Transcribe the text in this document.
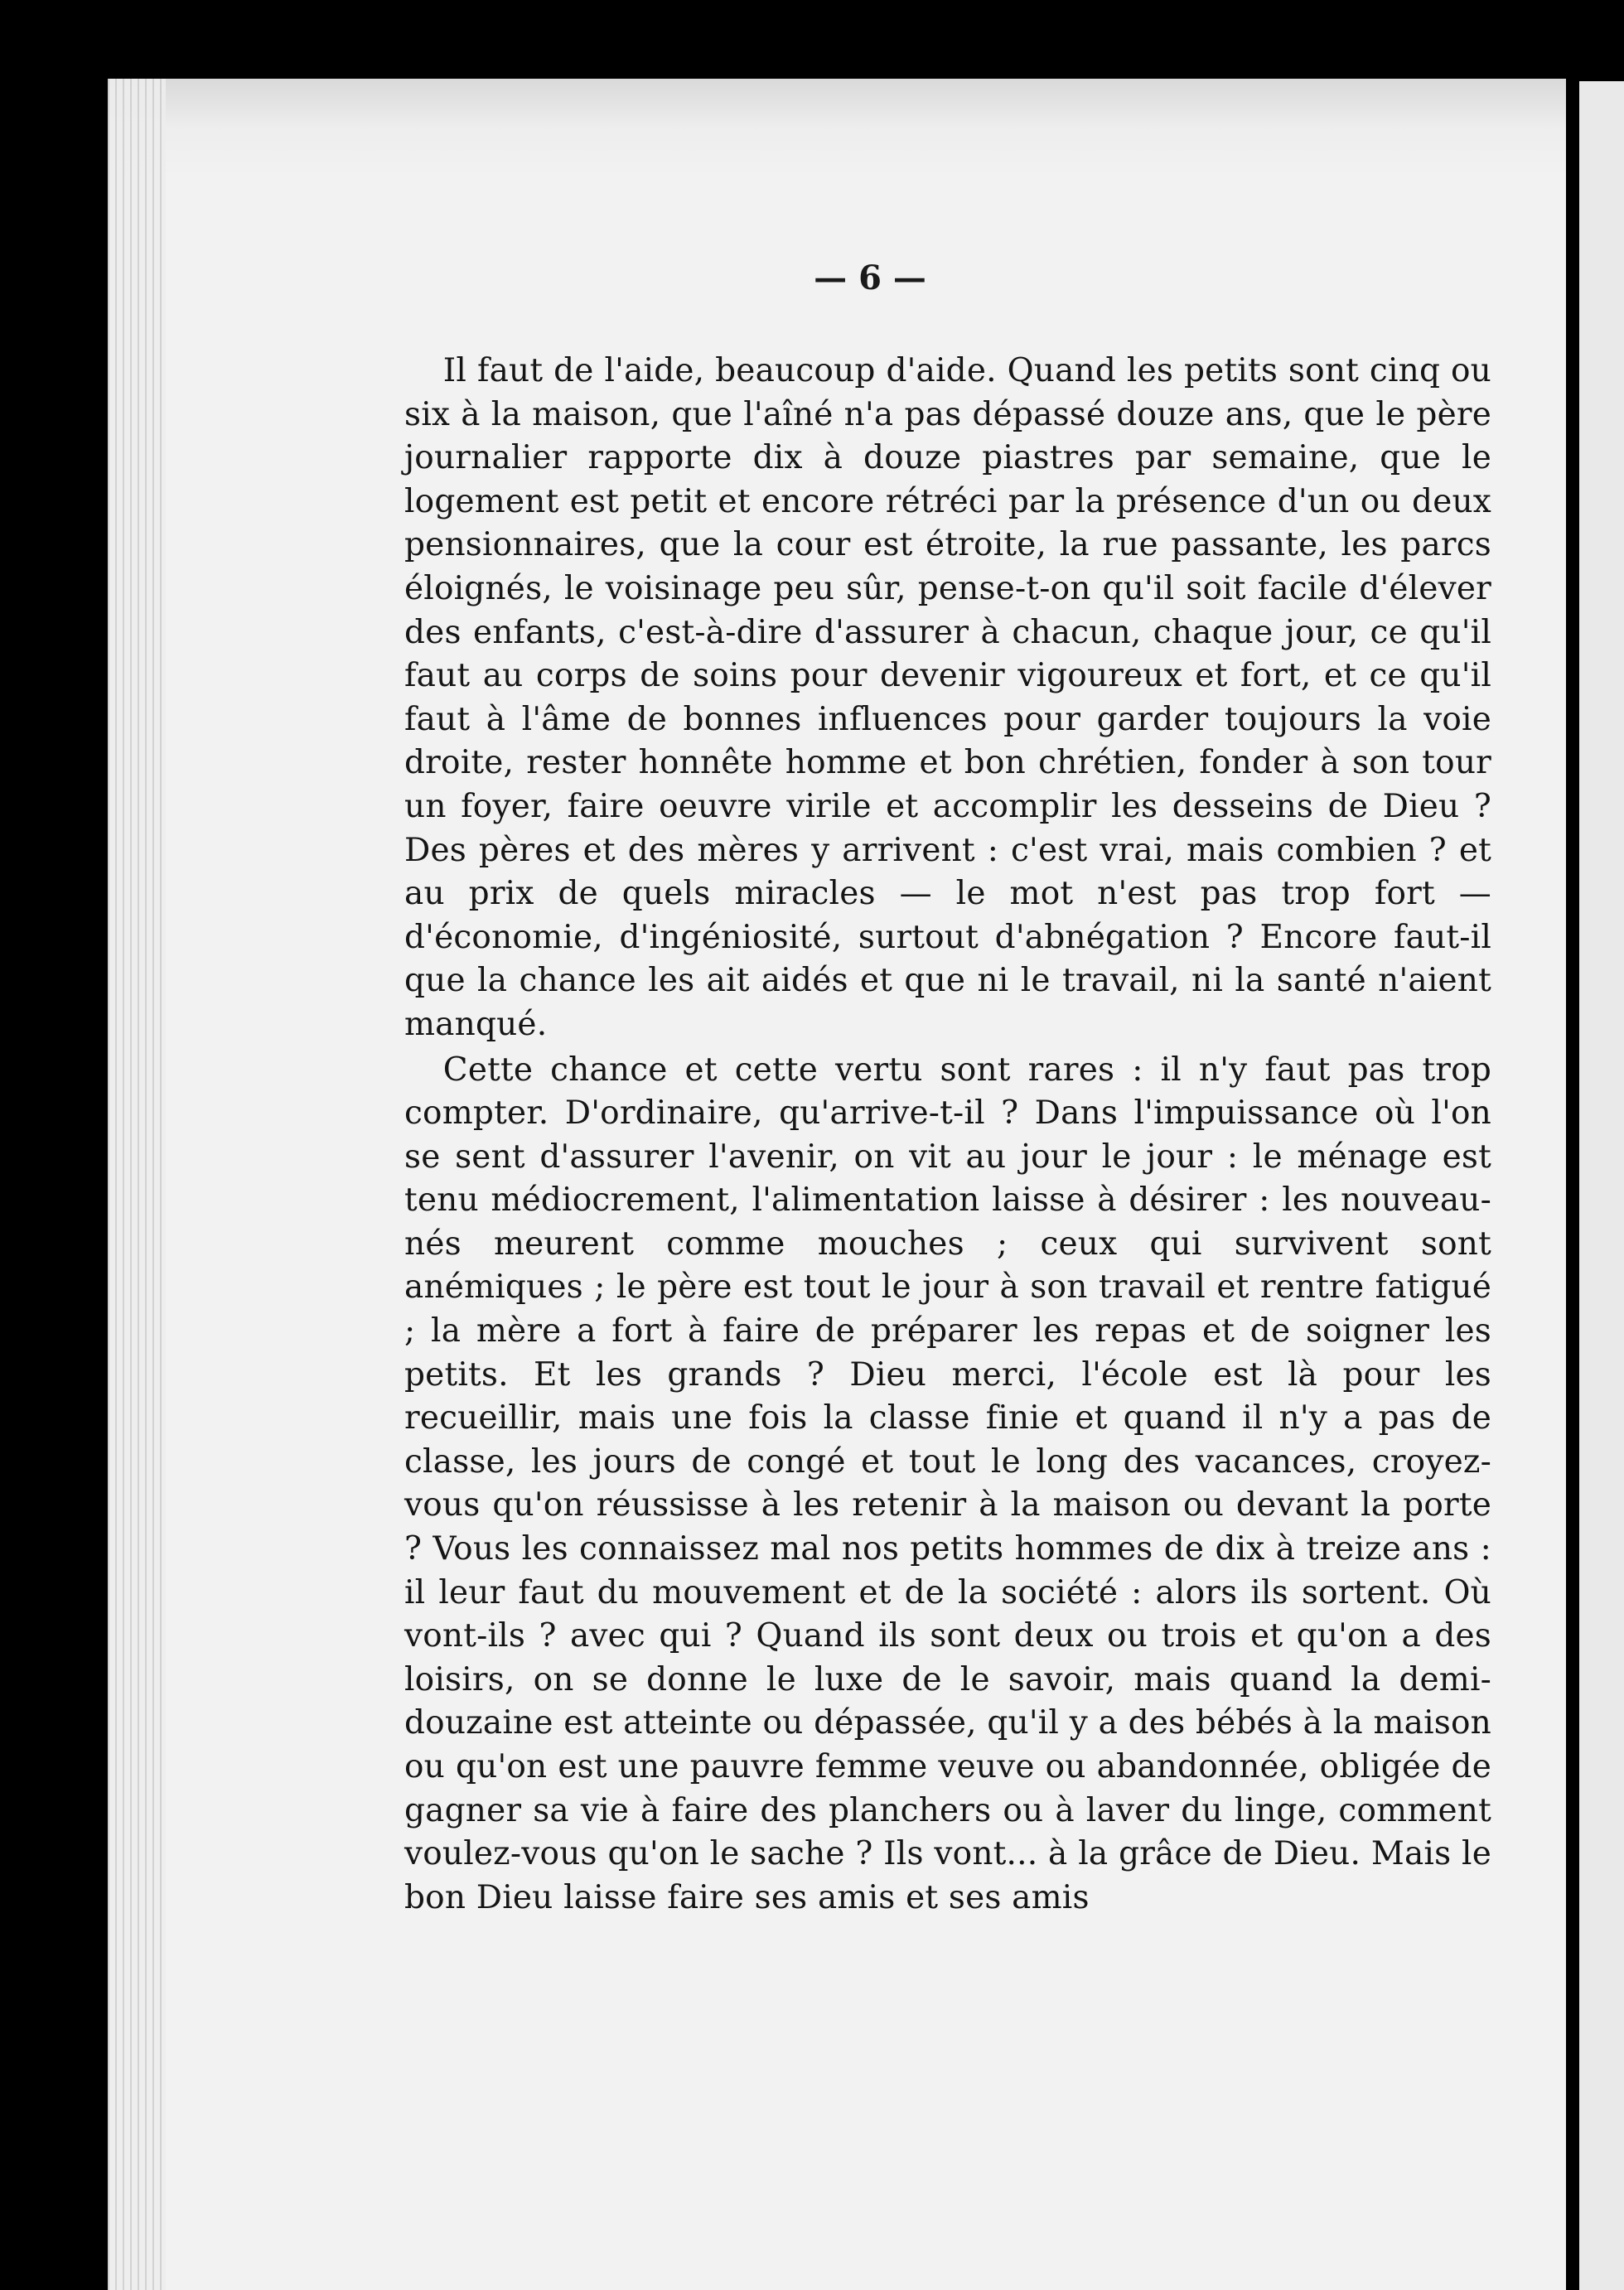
— 6 —

Il faut de l'aide, beaucoup d'aide. Quand les petits sont cinq ou six à la maison, que l'aîné n'a pas dépassé douze ans, que le père journalier rapporte dix à douze piastres par semaine, que le logement est petit et encore rétréci par la présence d'un ou deux pensionnaires, que la cour est étroite, la rue passante, les parcs éloignés, le voisinage peu sûr, pense-t-on qu'il soit facile d'élever des enfants, c'est-à-dire d'assurer à chacun, chaque jour, ce qu'il faut au corps de soins pour devenir vigoureux et fort, et ce qu'il faut à l'âme de bonnes influences pour garder toujours la voie droite, rester honnête homme et bon chrétien, fonder à son tour un foyer, faire oeuvre virile et accomplir les desseins de Dieu ? Des pères et des mères y arrivent : c'est vrai, mais combien ? et au prix de quels miracles — le mot n'est pas trop fort — d'économie, d'ingéniosité, surtout d'abnégation ? Encore faut-il que la chance les ait aidés et que ni le travail, ni la santé n'aient manqué.

Cette chance et cette vertu sont rares : il n'y faut pas trop compter. D'ordinaire, qu'arrive-t-il ? Dans l'impuissance où l'on se sent d'assurer l'avenir, on vit au jour le jour : le ménage est tenu médiocrement, l'alimentation laisse à désirer : les nouveau-nés meurent comme mouches ; ceux qui survivent sont anémiques ; le père est tout le jour à son travail et rentre fatigué ; la mère a fort à faire de préparer les repas et de soigner les petits. Et les grands ? Dieu merci, l'école est là pour les recueillir, mais une fois la classe finie et quand il n'y a pas de classe, les jours de congé et tout le long des vacances, croyez-vous qu'on réussisse à les retenir à la maison ou devant la porte ? Vous les connaissez mal nos petits hommes de dix à treize ans : il leur faut du mouvement et de la société : alors ils sortent. Où vont-ils ? avec qui ? Quand ils sont deux ou trois et qu'on a des loisirs, on se donne le luxe de le savoir, mais quand la demi-douzaine est atteinte ou dépassée, qu'il y a des bébés à la maison ou qu'on est une pauvre femme veuve ou abandonnée, obligée de gagner sa vie à faire des planchers ou à laver du linge, comment voulez-vous qu'on le sache ? Ils vont... à la grâce de Dieu. Mais le bon Dieu laisse faire ses amis et ses amis
